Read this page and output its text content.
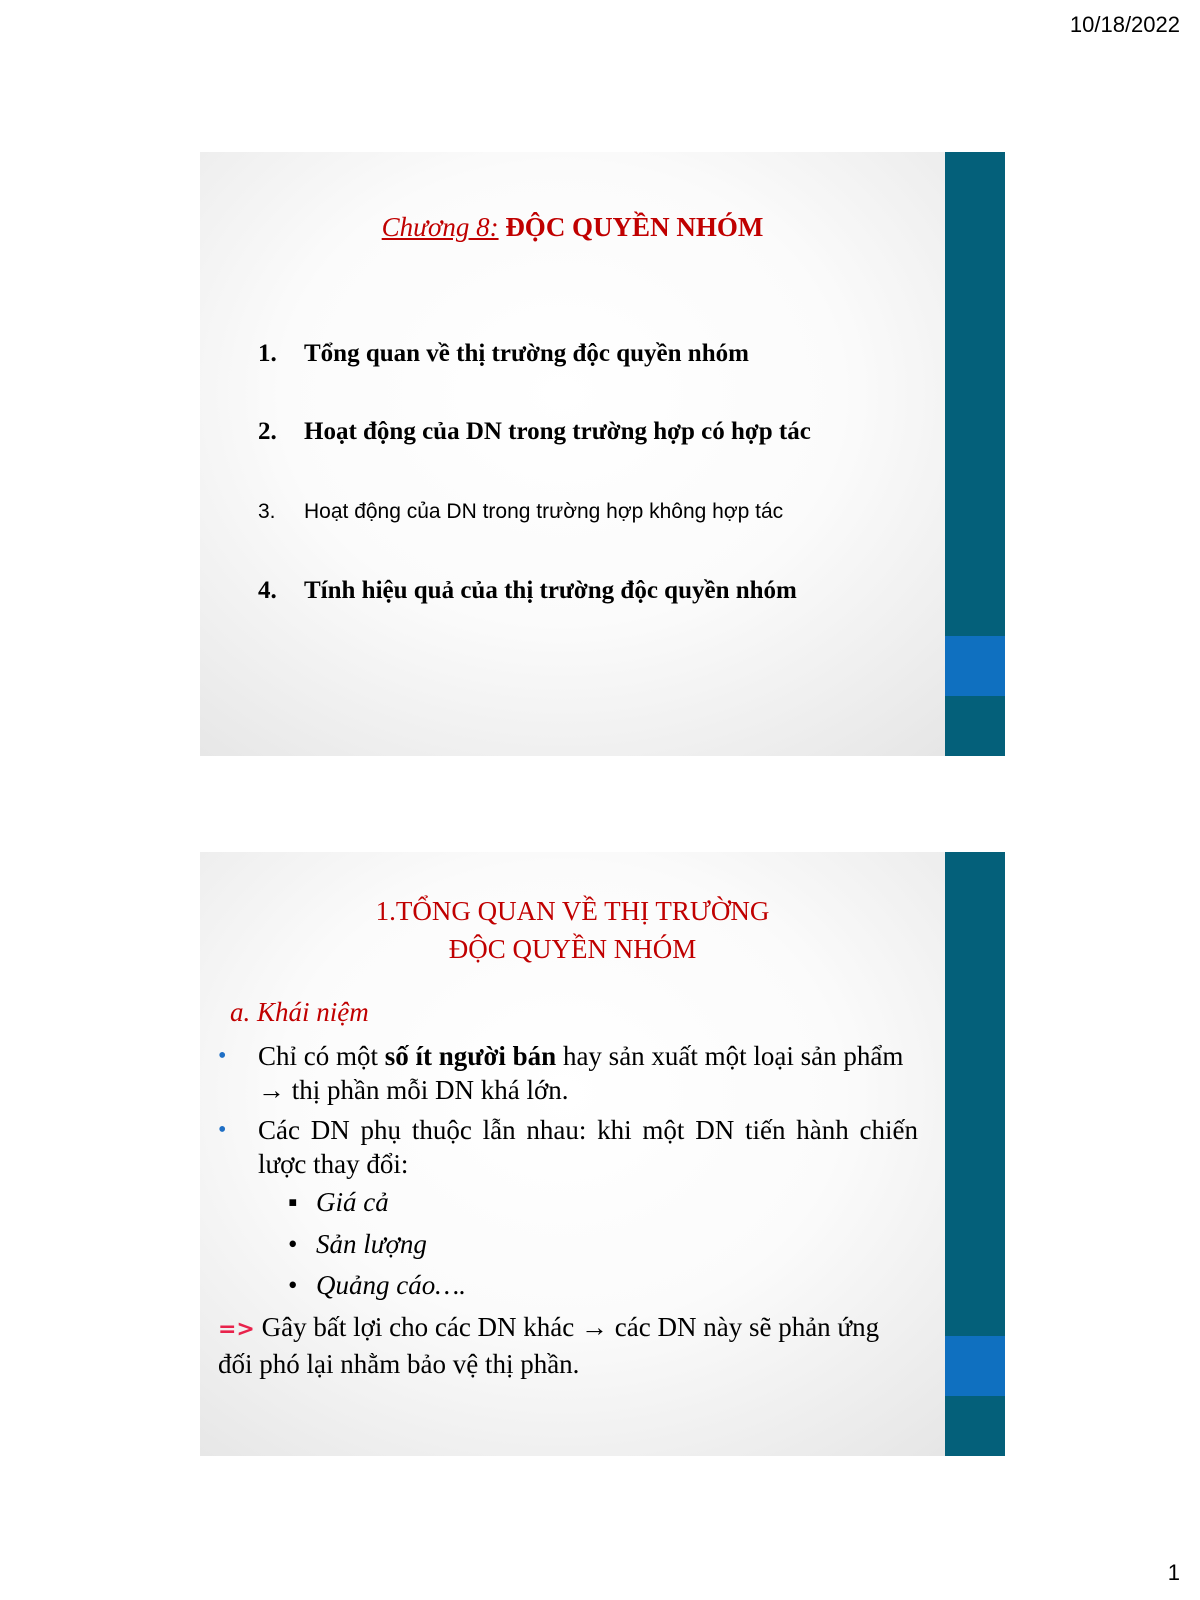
10/18/2022
Chương 8: ĐỘC QUYỀN NHÓM
1. Tổng quan về thị trường độc quyền nhóm
2. Hoạt động của DN trong trường hợp có hợp tác
3. Hoạt động của DN trong trường hợp không hợp tác
4. Tính hiệu quả của thị trường độc quyền nhóm
1.TỔNG QUAN VỀ THỊ TRƯỜNG
ĐỘC QUYỀN NHÓM
a. Khái niệm
• Chỉ có một số ít người bán hay sản xuất một loại sản phẩm → thị phần mỗi DN khá lớn.
• Các DN phụ thuộc lẫn nhau: khi một DN tiến hành chiến lược thay đổi:
▪ Giá cả
• Sản lượng
• Quảng cáo….
=> Gây bất lợi cho các DN khác → các DN này sẽ phản ứng đối phó lại nhằm bảo vệ thị phần.
1
